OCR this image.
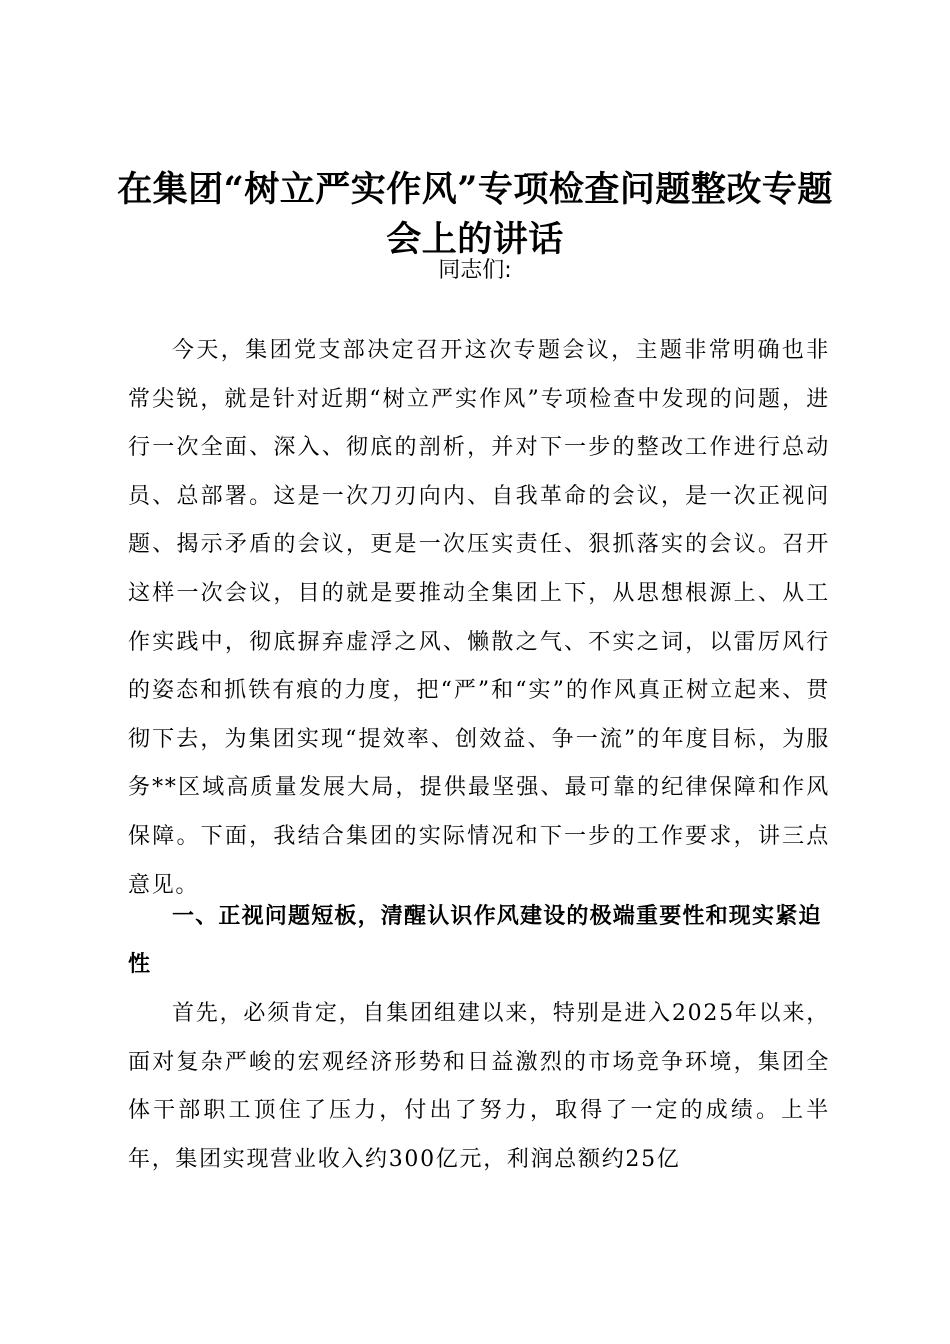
在集团“树立严实作风”专项检查问题整改专题会上的讲话

同志们:

今天，集团党支部决定召开这次专题会议，主题非常明确也非常尖锐，就是针对近期“树立严实作风”专项检查中发现的问题，进行一次全面、深入、彻底的剖析，并对下一步的整改工作进行总动员、总部署。这是一次刀刃向内、自我革命的会议，是一次正视问题、揭示矛盾的会议，更是一次压实责任、狠抓落实的会议。召开这样一次会议，目的就是要推动全集团上下，从思想根源上、从工作实践中，彻底摒弃虚浮之风、懒散之气、不实之词，以雷厉风行的姿态和抓铁有痕的力度，把“严”和“实”的作风真正树立起来、贯彻下去，为集团实现“提效率、创效益、争一流”的年度目标，为服务**区域高质量发展大局，提供最坚强、最可靠的纪律保障和作风保障。下面，我结合集团的实际情况和下一步的工作要求，讲三点意见。

一、正视问题短板，清醒认识作风建设的极端重要性和现实紧迫性

首先，必须肯定，自集团组建以来，特别是进入2025年以来，面对复杂严峻的宏观经济形势和日益激烈的市场竞争环境，集团全体干部职工顶住了压力，付出了努力，取得了一定的成绩。上半年，集团实现营业收入约300亿元，利润总额约25亿
